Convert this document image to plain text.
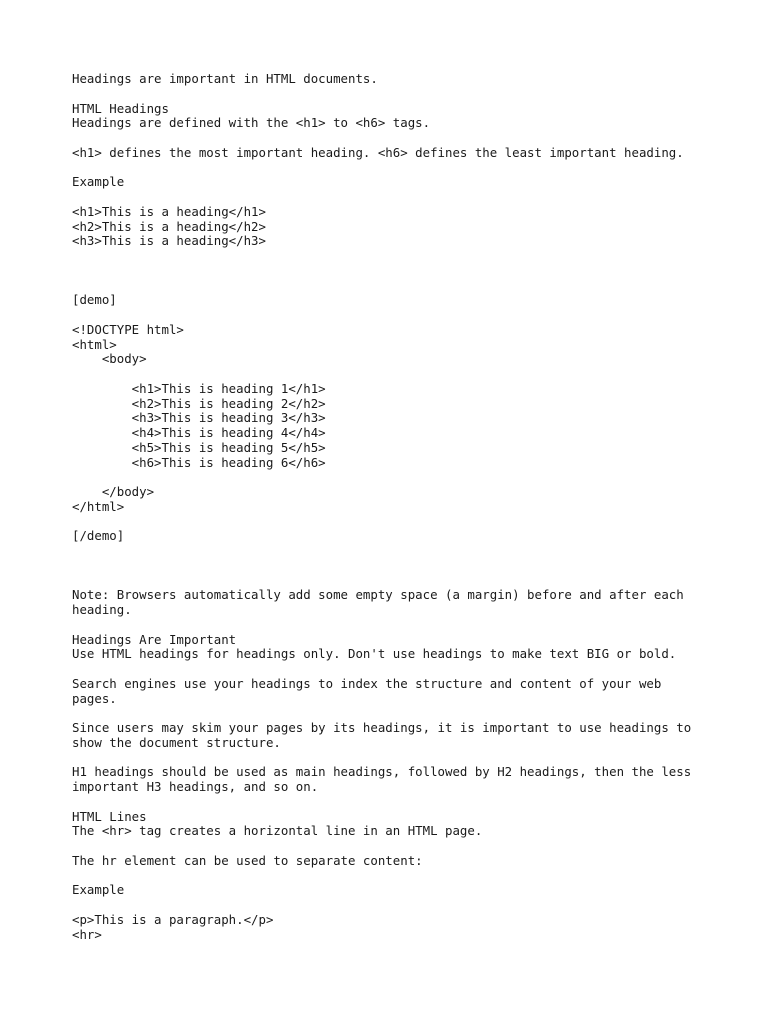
Headings are important in HTML documents.
HTML Headings
Headings are defined with the <h1> to <h6> tags.
<h1> defines the most important heading. <h6> defines the least important heading.
Example
<h1>This is a heading</h1>
<h2>This is a heading</h2>
<h3>This is a heading</h3>
[demo]
<!DOCTYPE html>
<html>
<body>
<h1>This is heading 1</h1>
<h2>This is heading 2</h2>
<h3>This is heading 3</h3>
<h4>This is heading 4</h4>
<h5>This is heading 5</h5>
<h6>This is heading 6</h6>
</body>
</html>
[/demo]
Note: Browsers automatically add some empty space (a margin) before and after each
heading.
Headings Are Important
Use HTML headings for headings only. Don't use headings to make text BIG or bold.
Search engines use your headings to index the structure and content of your web
pages.
Since users may skim your pages by its headings, it is important to use headings to
show the document structure.
H1 headings should be used as main headings, followed by H2 headings, then the less
important H3 headings, and so on.
HTML Lines
The <hr> tag creates a horizontal line in an HTML page.
The hr element can be used to separate content:
Example
<p>This is a paragraph.</p>
<hr>
